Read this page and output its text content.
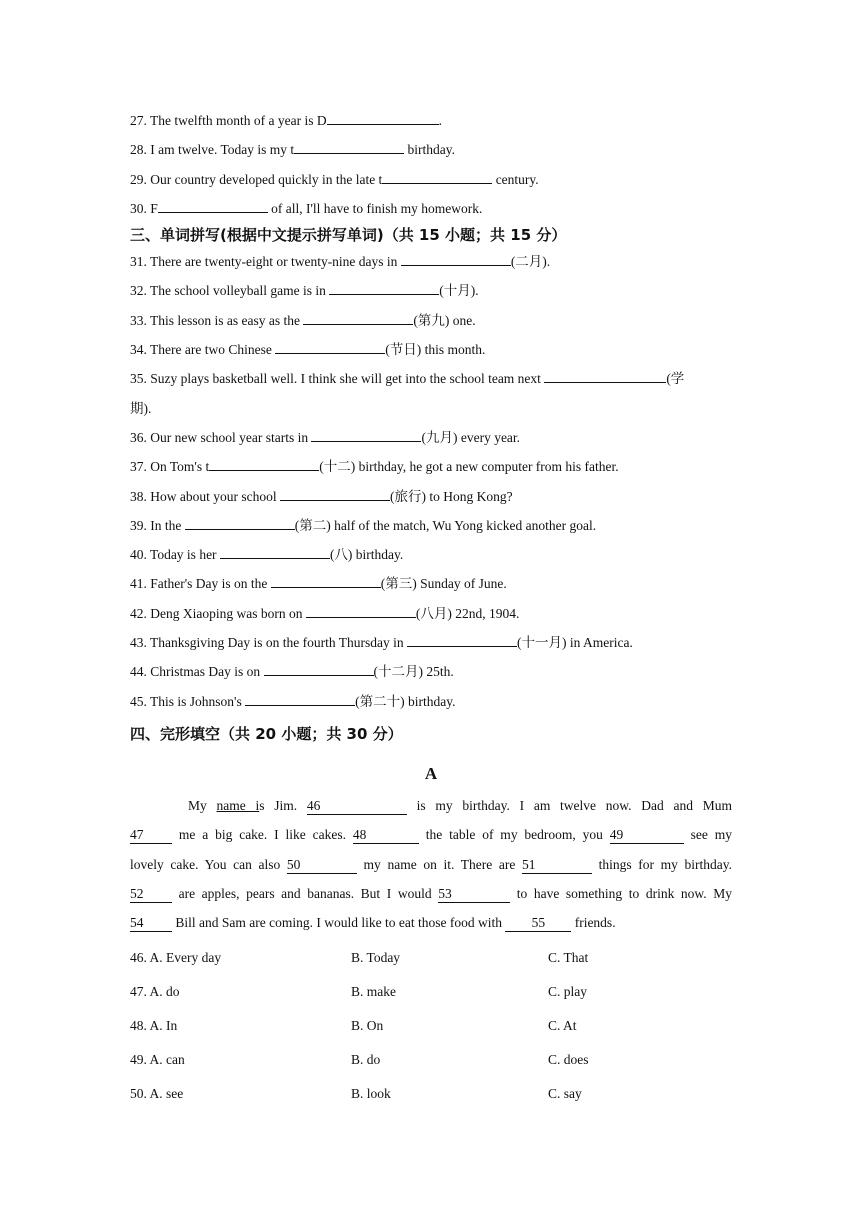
27. The twelfth month of a year is D	.
28. I am twelve. Today is my t	birthday.
29. Our country developed quickly in the late t	century.
30. F	of all, I'll have to finish my homework.
三、单词拼写(根据中文提示拼写单词)（共 15 小题；共 15 分）
31. There are twenty-eight or twenty-nine days in	(二月).
32. The school volleyball game is in	(十月).
33. This lesson is as easy as the	(第九) one.
34. There are two Chinese	(节日) this month.
35. Suzy plays basketball well. I think she will get into the school team next	(学
期).
36. Our new school year starts in	(九月) every year.
37. On Tom's t	(十二) birthday, he got a new computer from his father.
38. How about your school	(旅行) to Hong Kong?
39. In the	(第二) half of the match, Wu Yong kicked another goal.
40. Today is her	(八) birthday.
41. Father's Day is on the	(第三) Sunday of June.
42. Deng Xiaoping was born on	(八月) 22nd, 1904.
43. Thanksgiving Day is on the fourth Thursday in	(十一月) in America.
44. Christmas Day is on	(十二月) 25th.
45. This is Johnson's	(第二十) birthday.
四、完形填空（共 20 小题；共 30 分）
A
My name is Jim. 46	is my birthday. I am twelve now. Dad and Mum
47 me a big cake. I like cakes. 48	the table of my bedroom, you 49	see my
lovely cake. You can also 50	my name on it. There are 51	things for my birthday.
52 are apples, pears and bananas. But I would 53	to have something to drink now. My
54 Bill and Sam are coming. I would like to eat those food with 55 friends.
46. A. Every day	B. Today	C. That
47. A. do	B. make	C. play
48. A. In	B. On	C. At
49. A. can	B. do	C. does
50. A. see	B. look	C. say
